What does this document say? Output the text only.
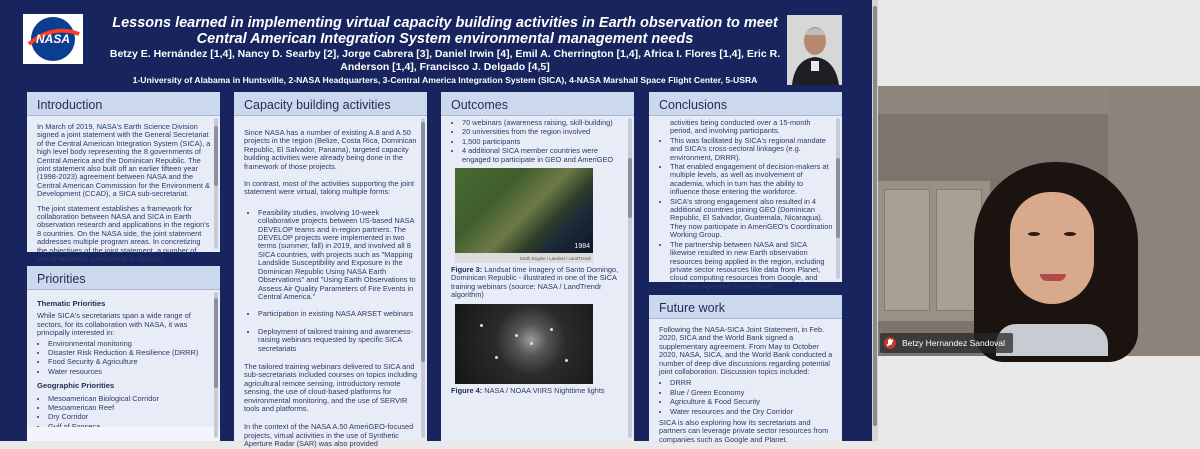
NASA
Lessons learned in implementing virtual capacity building activities in Earth observation to meet Central American Integration System environmental management needs
Betzy E. Hernández [1,4], Nancy D. Searby [2], Jorge Cabrera [3], Daniel Irwin [4], Emil A. Cherrington [1,4], Africa I. Flores [1,4], Eric R. Anderson [1,4], Francisco J. Delgado [4,5]
1-University of Alabama in Huntsville, 2-NASA Headquarters, 3-Central America Integration System (SICA), 4-NASA Marshall Space Flight Center, 5-USRA
Introduction

In March of 2019, NASA's Earth Science Division signed a joint statement with the General Secretariat of the Central American Integration System (SICA), a high level body representing the 8 governments of Central America and the Dominican Republic. The joint statement also built off an earlier fifteen year (1998-2023) agreement between NASA and the Central American Commission for the Environment & Development (CCAD), a SICA sub-secretariat.

The joint statement establishes a framework for collaboration between NASA and SICA in Earth observation research and applications in the region's 8 countries. On the NASA side, the joint statement addresses multiple program areas. In concretizing the objectives of the joint statement, a number of virtual activities, particularly in capacity

Priorities
Thematic Priorities

While SICA's secretariats span a wide range of sectors, for its collaboration with NASA, it was principally interested in:

• Environmental monitoring
• Disaster Risk Reduction & Resilience (DRRR)
• Food Security & Agriculture
• Water resources
Geographic Priorities
• Mesoamerican Biological Corridor
• Mesoamerican Reef
• Dry Corridor
•
Capacity building activities

Since NASA has a number of existing A.8 and A.50 projects in the region (Belize, Costa Rica, Dominican Republic, El Salvador, Panama), targeted capacity building activities were already being done in the framework of those projects.

In contrast, most of the activities supporting the joint statement were virtual, taking multiple forms:

• Feasibility studies, involving 10-week collaborative projects between US-based NASA DEVELOP teams and in-region partners. The DEVELOP projects were implemented in two terms (summer, fall) in 2019, and involved all 8 SICA countries, with projects such as "Mapping Landslide Susceptibility and Exposure in the Dominican Republic Using NASA Earth Observations" and "Using Earth Observations to Assess Air Quality Parameters of Fire Events in Central America."
• Participation in existing NASA ARSET webinars
• Deployment of tailored training and awareness-raising webinars requested by specific SICA secretariats

The tailored training webinars delivered to SICA and sub-secretariats included courses on topics including agricultural remote sensing, introductory remote sensing, the use of cloud-based platforms for environmental monitoring, and the use of SERVIR tools and platforms.

In the context of the NASA A.50 AmeriGEO-focused projects, virtual activities in the use of Synthetic Aperture Radar (SAR) was also provided

Outcomes
• 70 webinars (awareness raising, skill-building)
• 20 universities from the region involved
• 1,500 participants
• 4 additional SICA member countries were engaged to participate in GEO and AmeriGEO
1984
Earth Engine / Landsat / LandTrendr
Figure 3: Landsat time imagery of Santo Domingo, Dominican Republic - illustrated in one of the SICA training webinars (source: NASA / LandTrendr algorithm)
Figure 4: NASA / NOAA VIIRS Nighttime lights
Conclusions
activities being conducted over a 15-month period, and involving participants.
• This was facilitated by SICA's regional mandate and SICA's cross-sectoral linkages (e.g. environment, DRRR).
• That enabled engagement of decision-makers at multiple levels, as well as involvement of academia, which in turn has the ability to influence those entering the workforce.
• SICA's strong engagement also resulted in 4 additional countries joining GEO (Dominican Republic, El Salvador, Guatemala, Nicaragua). They now participate in AmeriGEO's Coordination Working Group.
• The partnership between NASA and SICA likewise resulted in new Earth observation resources being applied in the region, including private sector resources like data from Planet, cloud computing resources from Google, and Synthetic Aperture Radar (SAR).
Future work

Following the NASA-SICA Joint Statement, in Feb. 2020, SICA and the World Bank signed a supplementary agreement. From May to October 2020, NASA, SICA, and the World Bank conducted a number of deep dive discussions regarding potential joint collaboration. Discussion topics included:

• DRRR
• Blue / Green Economy
• Agriculture & Food Security
• Water resources and the Dry Corridor

SICA is also exploring how its secretariats and partners can leverage private sector resources from companies such as Google and Planet.

Betzy Hernandez Sandoval
